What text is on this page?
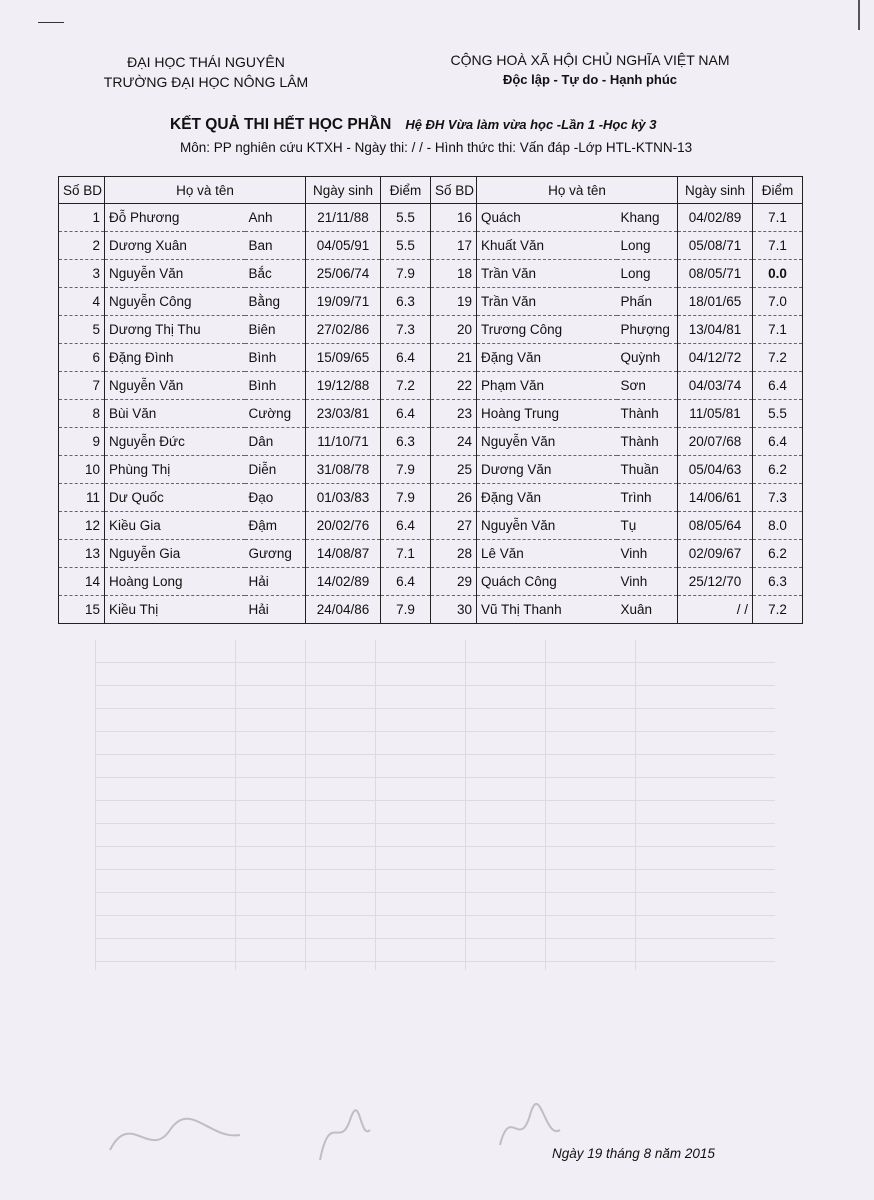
ĐẠI HỌC THÁI NGUYÊN
TRƯỜNG ĐẠI HỌC NÔNG LÂM
CỘNG HOÀ XÃ HỘI CHỦ NGHĨA VIỆT NAM
Độc lập - Tự do - Hạnh phúc
KẾT QUẢ THI HẾT HỌC PHẦN Hệ ĐH Vừa làm vừa học -Lần 1 -Học kỳ 3
Môn: PP nghiên cứu KTXH - Ngày thi: / / - Hình thức thi: Vấn đáp -Lớp HTL-KTNN-13
Số BD	Họ và tên		Ngày sinh	Điểm	Số BD	Họ và tên		Ngày sinh	Điểm
1	Đỗ Phương	Anh	21/11/88	5.5	16	Quách	Khang	04/02/89	7.1
2	Dương Xuân	Ban	04/05/91	5.5	17	Khuất Văn	Long	05/08/71	7.1
3	Nguyễn Văn	Bắc	25/06/74	7.9	18	Trần Văn	Long	08/05/71	0.0
4	Nguyễn Công	Bằng	19/09/71	6.3	19	Trần Văn	Phấn	18/01/65	7.0
5	Dương Thị Thu	Biên	27/02/86	7.3	20	Trương Công	Phượng	13/04/81	7.1
6	Đặng Đình	Bình	15/09/65	6.4	21	Đặng Văn	Quỳnh	04/12/72	7.2
7	Nguyễn Văn	Bình	19/12/88	7.2	22	Phạm Văn	Sơn	04/03/74	6.4
8	Bùi Văn	Cường	23/03/81	6.4	23	Hoàng Trung	Thành	11/05/81	5.5
9	Nguyễn Đức	Dân	11/10/71	6.3	24	Nguyễn Văn	Thành	20/07/68	6.4
10	Phùng Thị	Diễn	31/08/78	7.9	25	Dương Văn	Thuần	05/04/63	6.2
11	Dư Quốc	Đạo	01/03/83	7.9	26	Đặng Văn	Trình	14/06/61	7.3
12	Kiều Gia	Đậm	20/02/76	6.4	27	Nguyễn Văn	Tụ	08/05/64	8.0
13	Nguyễn Gia	Gương	14/08/87	7.1	28	Lê Văn	Vinh	02/09/67	6.2
14	Hoàng Long	Hải	14/02/89	6.4	29	Quách Công	Vinh	25/12/70	6.3
15	Kiều Thị	Hải	24/04/86	7.9	30	Vũ Thị Thanh	Xuân	/ /	7.2
Ngày 19 tháng 8 năm 2015
